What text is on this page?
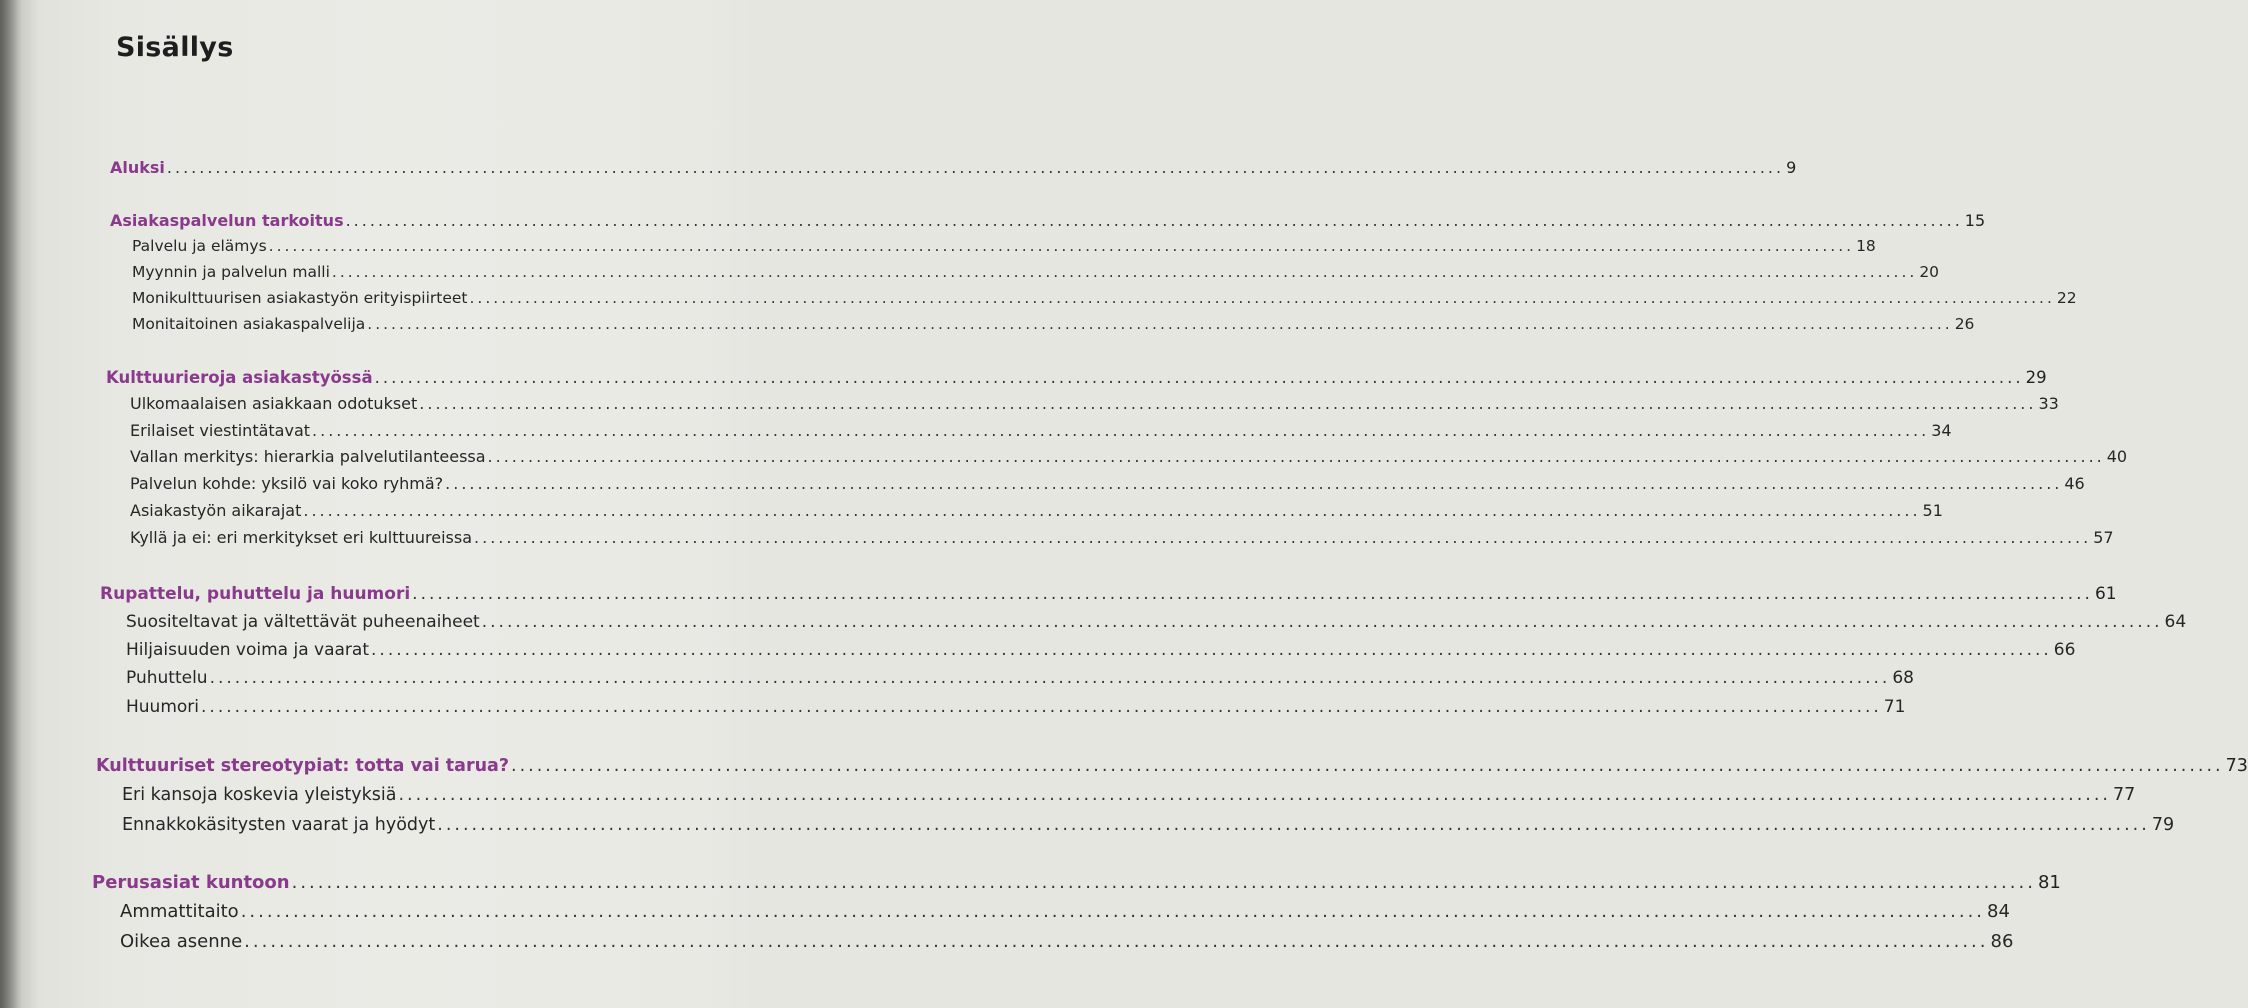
Sisällys
Aluksi ........................................................................................................................................................................................................ 9
Asiakaspalvelun tarkoitus ........................................................................................................................................................................................................ 15
Palvelu ja elämys ........................................................................................................................................................................................................ 18
Myynnin ja palvelun malli ........................................................................................................................................................................................................ 20
Monikulttuurisen asiakastyön erityispiirteet ........................................................................................................................................................................................................ 22
Monitaitoinen asiakaspalvelija ........................................................................................................................................................................................................ 26
Kulttuurieroja asiakastyössä ........................................................................................................................................................................................................ 29
Ulkomaalaisen asiakkaan odotukset ........................................................................................................................................................................................................ 33
Erilaiset viestintätavat ........................................................................................................................................................................................................ 34
Vallan merkitys: hierarkia palvelutilanteessa ........................................................................................................................................................................................................ 40
Palvelun kohde: yksilö vai koko ryhmä? ........................................................................................................................................................................................................ 46
Asiakastyön aikarajat ........................................................................................................................................................................................................ 51
Kyllä ja ei: eri merkitykset eri kulttuureissa ........................................................................................................................................................................................................ 57
Rupattelu, puhuttelu ja huumori ........................................................................................................................................................................................................ 61
Suositeltavat ja vältettävät puheenaiheet ........................................................................................................................................................................................................ 64
Hiljaisuuden voima ja vaarat ........................................................................................................................................................................................................ 66
Puhuttelu ........................................................................................................................................................................................................ 68
Huumori ........................................................................................................................................................................................................ 71
Kulttuuriset stereotypiat: totta vai tarua? ........................................................................................................................................................................................................ 73
Eri kansoja koskevia yleistyksiä ........................................................................................................................................................................................................ 77
Ennakkokäsitysten vaarat ja hyödyt ........................................................................................................................................................................................................ 79
Perusasiat kuntoon ........................................................................................................................................................................................................ 81
Ammattitaito ........................................................................................................................................................................................................ 84
Oikea asenne ........................................................................................................................................................................................................ 86
